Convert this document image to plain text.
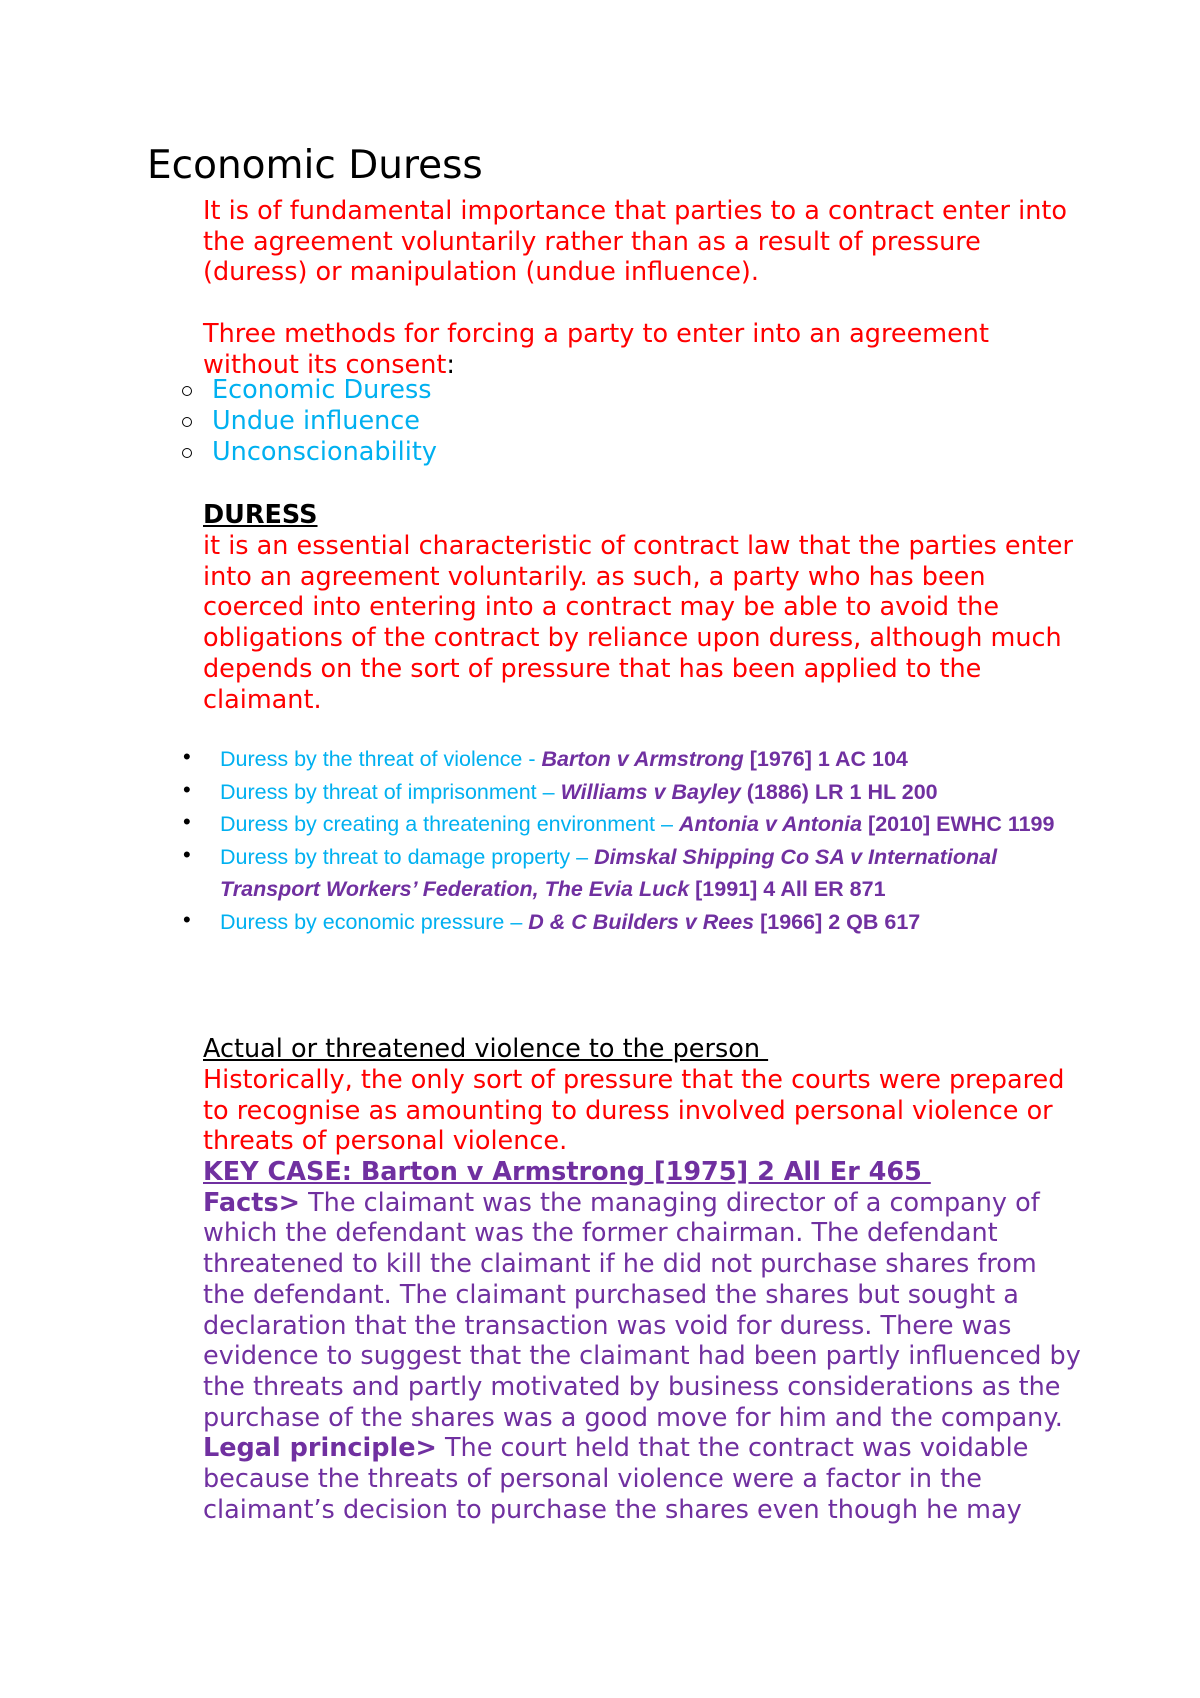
Economic Duress

It is of fundamental importance that parties to a contract enter into the agreement voluntarily rather than as a result of pressure (duress) or manipulation (undue influence).

Three methods for forcing a party to enter into an agreement without its consent:

Economic Duress
Undue influence
Unconscionability
DURESS
it is an essential characteristic of contract law that the parties enter into an agreement voluntarily. as such, a party who has been coerced into entering into a contract may be able to avoid the obligations of the contract by reliance upon duress, although much depends on the sort of pressure that has been applied to the claimant.
•	Duress by the threat of violence - Barton v Armstrong [1976] 1 AC 104
•	Duress by threat of imprisonment – Williams v Bayley (1886) LR 1 HL 200
•	Duress by creating a threatening environment – Antonia v Antonia [2010] EWHC 1199
•	Duress by threat to damage property – Dimskal Shipping Co SA v International Transport Workers’ Federation, The Evia Luck [1991] 4 All ER 871
•	Duress by economic pressure – D & C Builders v Rees [1966] 2 QB 617
Actual or threatened violence to the person
Historically, the only sort of pressure that the courts were prepared to recognise as amounting to duress involved personal violence or threats of personal violence.

KEY CASE: Barton v Armstrong [1975] 2 All Er 465

Facts> The claimant was the managing director of a company of which the defendant was the former chairman. The defendant threatened to kill the claimant if he did not purchase shares from the defendant. The claimant purchased the shares but sought a declaration that the transaction was void for duress. There was evidence to suggest that the claimant had been partly influenced by the threats and partly motivated by business considerations as the purchase of the shares was a good move for him and the company.

Legal principle> The court held that the contract was voidable because the threats of personal violence were a factor in the claimant’s decision to purchase the shares even though he may
